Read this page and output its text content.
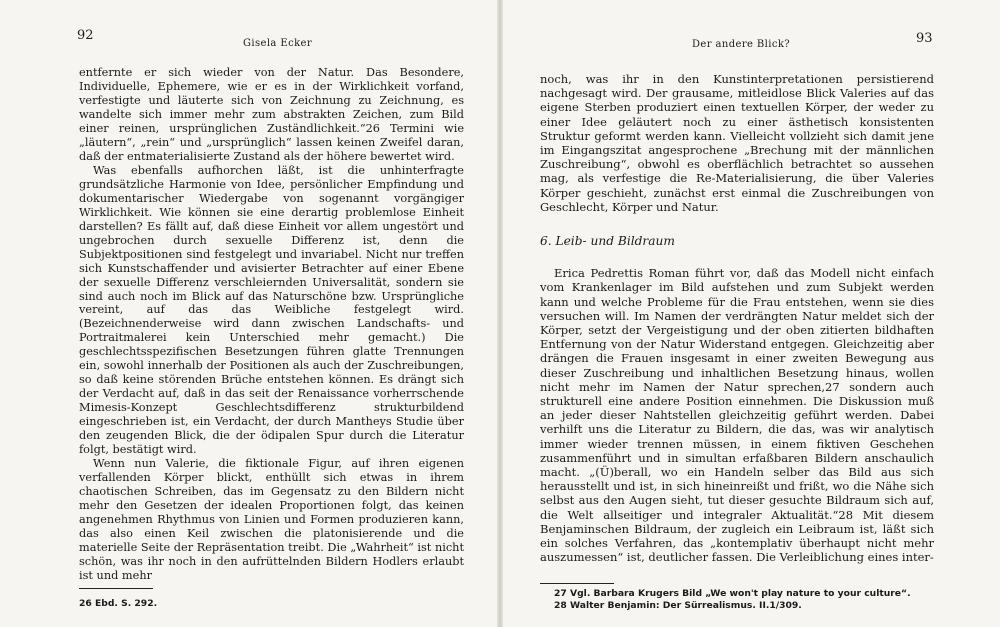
92
Gisela Ecker

entfernte er sich wieder von der Natur. Das Besondere, Individuelle, Ephemere, wie er es in der Wirklichkeit vorfand, verfestigte und läuterte sich von Zeichnung zu Zeichnung, es wandelte sich immer mehr zum abstrakten Zeichen, zum Bild einer reinen, ursprünglichen Zuständlichkeit.“26 Termini wie „läutern“, „rein“ und „ursprünglich“ lassen keinen Zweifel daran, daß der entmaterialisierte Zustand als der höhere bewertet wird.

Was ebenfalls aufhorchen läßt, ist die unhinterfragte grundsätzliche Harmonie von Idee, persönlicher Empfindung und dokumentarischer Wiedergabe von sogenannt vorgängiger Wirklichkeit. Wie können sie eine derartig problemlose Einheit darstellen? Es fällt auf, daß diese Einheit vor allem ungestört und ungebrochen durch sexuelle Differenz ist, denn die Subjektpositionen sind festgelegt und invariabel. Nicht nur treffen sich Kunstschaffender und avisierter Betrachter auf einer Ebene der sexuelle Differenz verschleiernden Universalität, sondern sie sind auch noch im Blick auf das Naturschöne bzw. Ursprüngliche vereint, auf das das Weibliche festgelegt wird. (Bezeichnenderweise wird dann zwischen Landschafts- und Portraitmalerei kein Unterschied mehr gemacht.) Die geschlechtsspezifischen Besetzungen führen glatte Trennungen ein, sowohl innerhalb der Positionen als auch der Zuschreibungen, so daß keine störenden Brüche entstehen können. Es drängt sich der Verdacht auf, daß in das seit der Renaissance vorherrschende Mimesis-Konzept Geschlechtsdifferenz strukturbildend eingeschrieben ist, ein Verdacht, der durch Mantheys Studie über den zeugenden Blick, die der ödipalen Spur durch die Literatur folgt, bestätigt wird.

Wenn nun Valerie, die fiktionale Figur, auf ihren eigenen verfallenden Körper blickt, enthüllt sich etwas in ihrem chaotischen Schreiben, das im Gegensatz zu den Bildern nicht mehr den Gesetzen der idealen Proportionen folgt, das keinen angenehmen Rhythmus von Linien und Formen produzieren kann, das also einen Keil zwischen die platonisierende und die materielle Seite der Repräsentation treibt. Die „Wahrheit“ ist nicht schön, was ihr noch in den aufrüttelnden Bildern Hodlers erlaubt ist und mehr

26 Ebd. S. 292.
Der andere Blick?	93

noch, was ihr in den Kunstinterpretationen persistierend nachgesagt wird. Der grausame, mitleidlose Blick Valeries auf das eigene Sterben produziert einen textuellen Körper, der weder zu einer Idee geläutert noch zu einer ästhetisch konsistenten Struktur geformt werden kann. Vielleicht vollzieht sich damit jene im Eingangszitat angesprochene „Brechung mit der männlichen Zuschreibung“, obwohl es oberflächlich betrachtet so aussehen mag, als verfestige die Re-Materialisierung, die über Valeries Körper geschieht, zunächst erst einmal die Zuschreibungen von Geschlecht, Körper und Natur.

6. Leib- und Bildraum

Erica Pedrettis Roman führt vor, daß das Modell nicht einfach vom Krankenlager im Bild aufstehen und zum Subjekt werden kann und welche Probleme für die Frau entstehen, wenn sie dies versuchen will. Im Namen der verdrängten Natur meldet sich der Körper, setzt der Vergeistigung und der oben zitierten bildhaften Entfernung von der Natur Widerstand entgegen. Gleichzeitig aber drängen die Frauen insgesamt in einer zweiten Bewegung aus dieser Zuschreibung und inhaltlichen Besetzung hinaus, wollen nicht mehr im Namen der Natur sprechen,27 sondern auch strukturell eine andere Position einnehmen. Die Diskussion muß an jeder dieser Nahtstellen gleichzeitig geführt werden. Dabei verhilft uns die Literatur zu Bildern, die das, was wir analytisch immer wieder trennen müssen, in einem fiktiven Geschehen zusammenführt und in simultan erfaßbaren Bildern anschaulich macht. „(Ü)berall, wo ein Handeln selber das Bild aus sich herausstellt und ist, in sich hineinreißt und frißt, wo die Nähe sich selbst aus den Augen sieht, tut dieser gesuchte Bildraum sich auf, die Welt allseitiger und integraler Aktualität.“28 Mit diesem Benjaminschen Bildraum, der zugleich ein Leibraum ist, läßt sich ein solches Verfahren, das „kontemplativ überhaupt nicht mehr auszumessen“ ist, deutlicher fassen. Die Verleiblichung eines inter-

27 Vgl. Barbara Krugers Bild „We won't play nature to your culture“.
28 Walter Benjamin: Der Sürrealismus. II.1/309.
